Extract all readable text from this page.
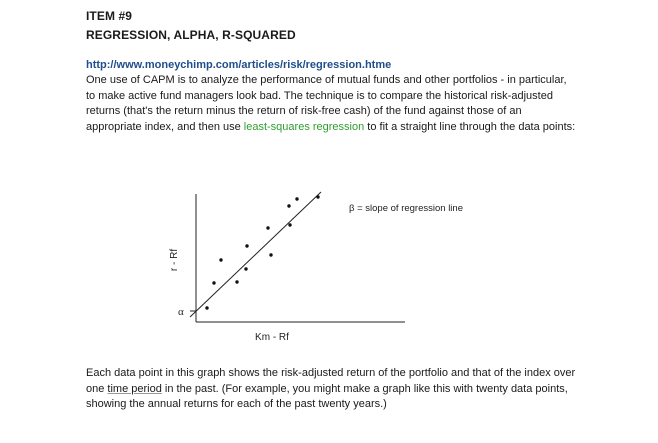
ITEM #9

REGRESSION, ALPHA, R-SQUARED

http://www.moneychimp.com/articles/risk/regression.htme

One use of CAPM is to analyze the performance of mutual funds and other portfolios - in particular, to make active fund managers look bad. The technique is to compare the historical risk-adjusted returns (that's the return minus the return of risk-free cash) of the fund against those of an appropriate index, and then use least-squares regression to fit a straight line through the data points:

r - Rf
α
Km - Rf
β = slope of regression line

Each data point in this graph shows the risk-adjusted return of the portfolio and that of the index over one time period in the past. (For example, you might make a graph like this with twenty data points, showing the annual returns for each of the past twenty years.)
